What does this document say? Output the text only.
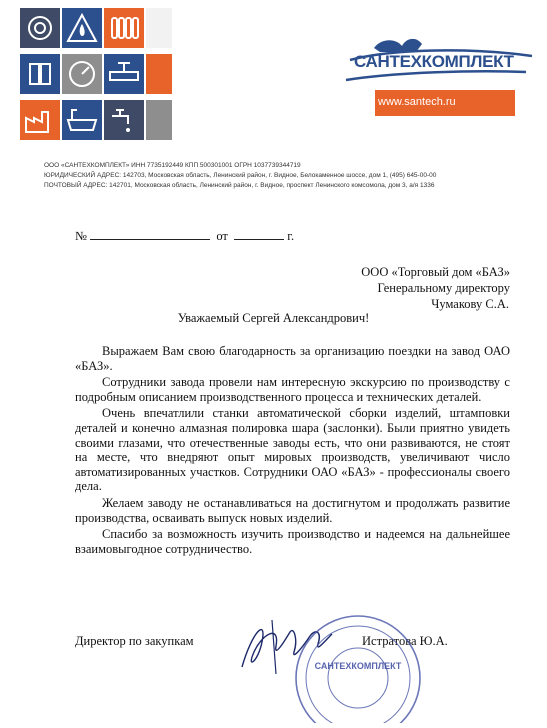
САНТЕХКОМПЛЕКТ
www.santech.ru
ООО «САНТЕХКОМПЛЕКТ» ИНН 7735192449 КПП 500301001 ОГРН 1037739344719
ЮРИДИЧЕСКИЙ АДРЕС: 142703, Московская область, Ленинский район, г. Видное, Белокаменное шоссе, дом 1, (495) 645-00-00
ПОЧТОВЫЙ АДРЕС: 142701, Московская область, Ленинский район, г. Видное, проспект Ленинского комсомола, дом 3, а/я 1336
№	от	г.
ООО «Торговый дом «БАЗ»
Генеральному директору
Чумакову С.А.
Уважаемый Сергей Александрович!

Выражаем Вам свою благодарность за организацию поездки на завод ОАО «БАЗ».

Сотрудники завода провели нам интересную экскурсию по производству с подробным описанием производственного процесса и технических деталей.

Очень впечатлили станки автоматической сборки изделий, штамповки деталей и конечно алмазная полировка шара (заслонки). Были приятно увидеть своими глазами, что отечественные заводы есть, что они развиваются, не стоят на месте, что внедряют опыт мировых производств, увеличивают число автоматизированных участков. Сотрудники ОАО «БАЗ» - профессионалы своего дела.

Желаем заводу не останавливаться на достигнутом и продолжать развитие производства, осваивать выпуск новых изделий.

Спасибо за возможность изучить производство и надеемся на дальнейшее взаимовыгодное сотрудничество.

Директор по закупкам	Истратова Ю.А.
САНТЕХКОМПЛЕКТ
